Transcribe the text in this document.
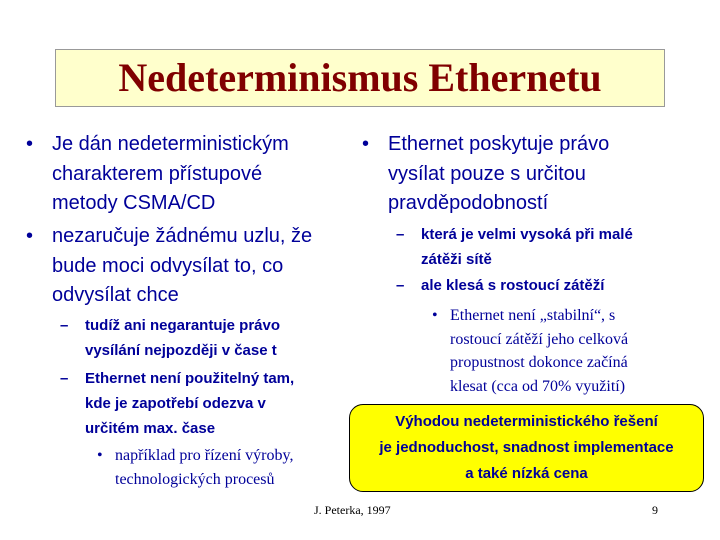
Nedeterminismus Ethernetu
• Je dán nedeterministickým
charakterem přístupové
metody CSMA/CD
• nezaručuje žádnému uzlu, že
bude moci odvysílat to, co
odvysílat chce
– tudíž ani negarantuje právo
vysílání nejpozději v čase t
– Ethernet není použitelný tam,
kde je zapotřebí odezva v
určitém max. čase
• například pro řízení výroby,
technologických procesů
• Ethernet poskytuje právo
vysílat pouze s určitou
pravděpodobností
– která je velmi vysoká při malé
zátěži sítě
– ale klesá s rostoucí zátěží
• Ethernet není „stabilní“, s
rostoucí zátěží jeho celková
propustnost dokonce začíná
klesat (cca od 70% využití)
Výhodou nedeterministického řešení
je jednoduchost, snadnost implementace
a také nízká cena
J. Peterka, 1997	9
